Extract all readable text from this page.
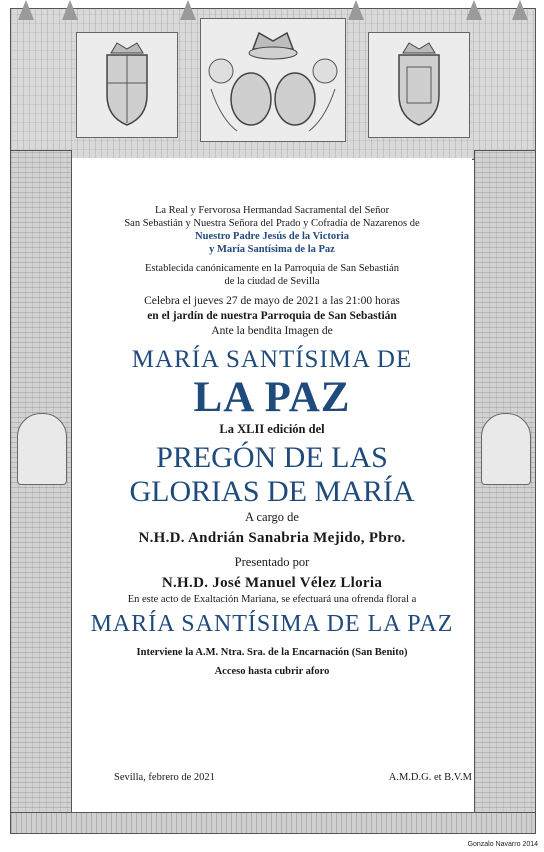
La Real y Fervorosa Hermandad Sacramental del Señor
San Sebastián y Nuestra Señora del Prado y Cofradía de Nazarenos de
Nuestro Padre Jesús de la Victoria
y María Santísima de la Paz
Establecida canónicamente en la Parroquia de San Sebastián
de la ciudad de Sevilla
Celebra el jueves 27 de mayo de 2021 a las 21:00 horas
en el jardín de nuestra Parroquia de San Sebastián
Ante la bendita Imagen de
MARÍA SANTÍSIMA DE
LA PAZ
La XLII edición del
PREGÓN DE LAS
GLORIAS DE MARÍA
A cargo de
N.H.D. Andrián Sanabria Mejido, Pbro.
Presentado por
N.H.D. José Manuel Vélez Lloria
En este acto de Exaltación Mariana, se efectuará una ofrenda floral a
MARÍA SANTÍSIMA DE LA PAZ
Interviene la A.M. Ntra. Sra. de la Encarnación (San Benito)
Acceso hasta cubrir aforo
Sevilla, febrero de 2021	A.M.D.G. et B.V.M
Gonzalo Navarro 2014
